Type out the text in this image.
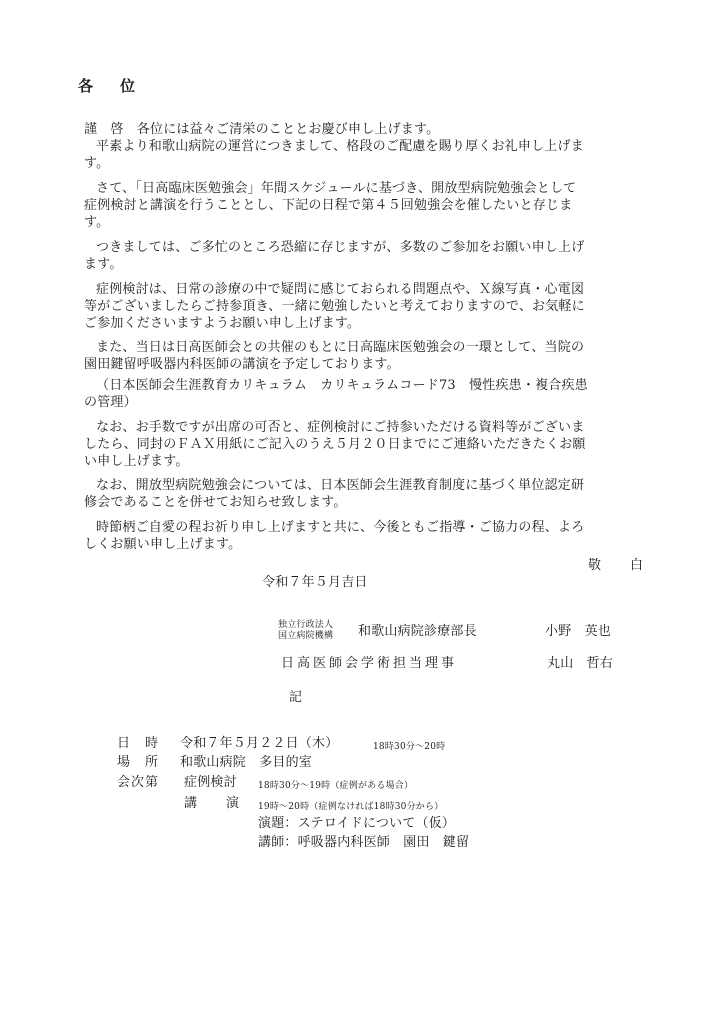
各　位
謹　啓　各位には益々ご清栄のこととお慶び申し上げます。
平素より和歌山病院の運営につきまして、格段のご配慮を賜り厚くお礼申し上げま
す。
さて、「日高臨床医勉強会」年間スケジュールに基づき、開放型病院勉強会として
症例検討と講演を行うこととし、下記の日程で第４５回勉強会を催したいと存じま
す。
つきましては、ご多忙のところ恐縮に存じますが、多数のご参加をお願い申し上げ
ます。
症例検討は、日常の診療の中で疑問に感じておられる問題点や、Ｘ線写真・心電図
等がございましたらご持参頂き、一緒に勉強したいと考えておりますので、お気軽に
ご参加くださいますようお願い申し上げます。
また、当日は日高医師会との共催のもとに日高臨床医勉強会の一環として、当院の
園田鍵留呼吸器内科医師の講演を予定しております。
（日本医師会生涯教育カリキュラム　カリキュラムコード73　慢性疾患・複合疾患
の管理）
なお、お手数ですが出席の可否と、症例検討にご持参いただける資料等がございま
したら、同封のＦＡＸ用紙にご記入のうえ５月２０日までにご連絡いただきたくお願
い申し上げます。
なお、開放型病院勉強会については、日本医師会生涯教育制度に基づく単位認定研
修会であることを併せてお知らせ致します。
時節柄ご自愛の程お祈り申し上げますと共に、今後ともご指導・ご協力の程、よろ
しくお願い申し上げます。
敬　白
令和７年５月吉日
独立行政法人
国立病院機構 和歌山病院診療部長	小野　英也
日高医師会学術担当理事	丸山　哲右
記
日　時 令和７年５月２２日（木）	18時30分～20時
場　所 和歌山病院　多目的室
会次第 症例検討 18時30分～19時（症例がある場合）
講　演 19時～20時（症例なければ18時30分から）
演題：ステロイドについて（仮）
講師：呼吸器内科医師　園田　鍵留
